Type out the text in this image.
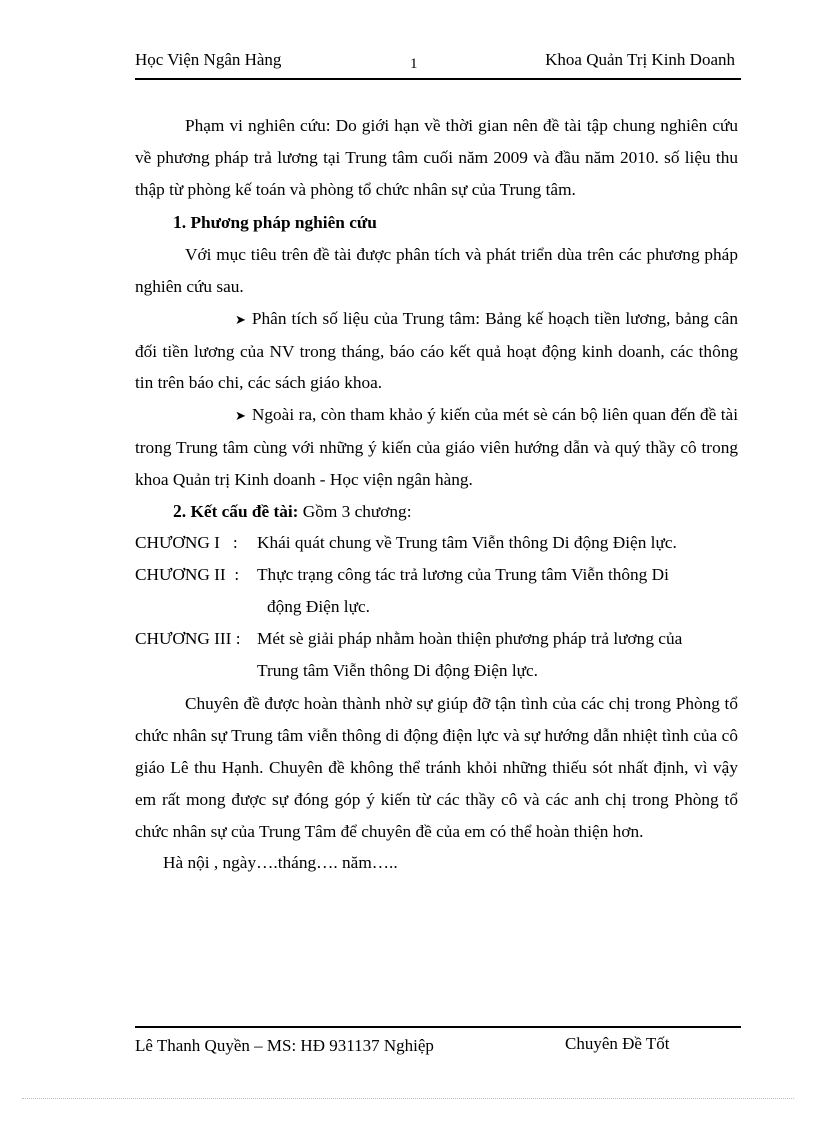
Học Viện Ngân Hàng	1	Khoa Quản Trị Kinh Doanh

Phạm vi nghiên cứu: Do giới hạn về thời gian nên đề tài tập chung nghiên cứu về phương pháp trả lương tại Trung tâm cuối năm 2009 và đầu năm 2010. số liệu thu thập từ phòng kế toán và phòng tổ chức nhân sự của Trung tâm.

1. Phương pháp nghiên cứu

Với mục tiêu trên đề tài được phân tích và phát triển dùa trên các phương pháp nghiên cứu sau.

➤ Phân tích số liệu của Trung tâm: Bảng kế hoạch tiền lương, bảng cân đối tiền lương của NV trong tháng, báo cáo kết quả hoạt động kinh doanh, các thông tin trên báo chi, các sách giáo khoa.

➤ Ngoài ra, còn tham khảo ý kiến của mét sè cán bộ liên quan đến đề tài trong Trung tâm cùng với những ý kiến của giáo viên hướng dẫn và quý thầy cô trong khoa Quản trị Kinh doanh - Học viện ngân hàng.

2. Kết cấu đề tài: Gồm 3 chương:

CHƯƠNG I   : Khái quát chung về Trung tâm Viễn thông Di động Điện lực.
CHƯƠNG II  : Thực trạng công tác trả lương của Trung tâm Viễn thông Di
động Điện lực.
CHƯƠNG III : Mét sè giải pháp nhằm hoàn thiện phương pháp trả lương của
Trung tâm Viễn thông Di động Điện lực.

Chuyên đề được hoàn thành nhờ sự giúp đỡ tận tình của các chị trong Phòng tổ chức nhân sự Trung tâm viễn thông di động điện lực và sự hướng dẫn nhiệt tình của cô giáo Lê thu Hạnh. Chuyên đề không thể tránh khỏi những thiếu sót nhất định, vì vậy em rất mong được sự đóng góp ý kiến từ các thầy cô và các anh chị trong Phòng tổ chức nhân sự của Trung Tâm để chuyên đề của em có thể hoàn thiện hơn.

Hà nội , ngày….tháng…. năm…..

Lê Thanh Quyền – MS: HĐ 931137 Nghiệp	Chuyên Đề Tốt
